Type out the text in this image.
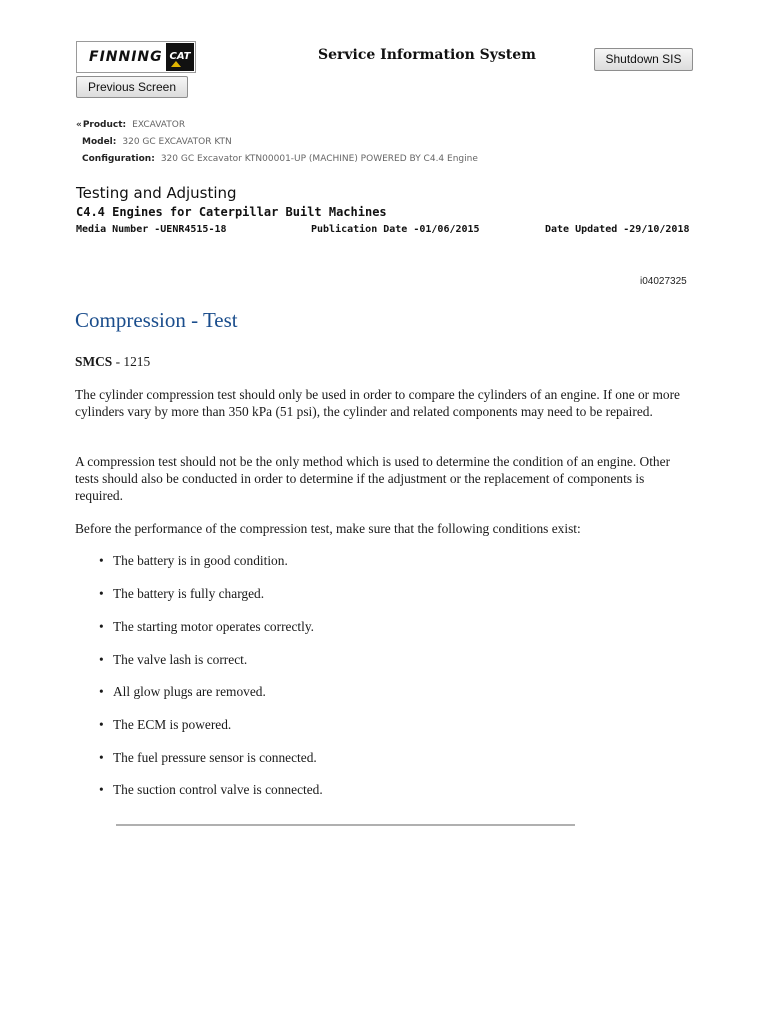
FINNING CAT	Service Information System	Shutdown SIS
Previous Screen
«Product: EXCAVATOR
Model: 320 GC EXCAVATOR KTN
Configuration: 320 GC Excavator KTN00001-UP (MACHINE) POWERED BY C4.4 Engine
Testing and Adjusting
C4.4 Engines for Caterpillar Built Machines
Media Number -UENR4515-18	Publication Date -01/06/2015	Date Updated -29/10/2018
i04027325
Compression - Test
SMCS - 1215
The cylinder compression test should only be used in order to compare the cylinders of an engine. If one or more cylinders vary by more than 350 kPa (51 psi), the cylinder and related components may need to be repaired.
A compression test should not be the only method which is used to determine the condition of an engine. Other tests should also be conducted in order to determine if the adjustment or the replacement of components is required.
Before the performance of the compression test, make sure that the following conditions exist:
• The battery is in good condition.
• The battery is fully charged.
• The starting motor operates correctly.
• The valve lash is correct.
• All glow plugs are removed.
• The ECM is powered.
• The fuel pressure sensor is connected.
• The suction control valve is connected.
